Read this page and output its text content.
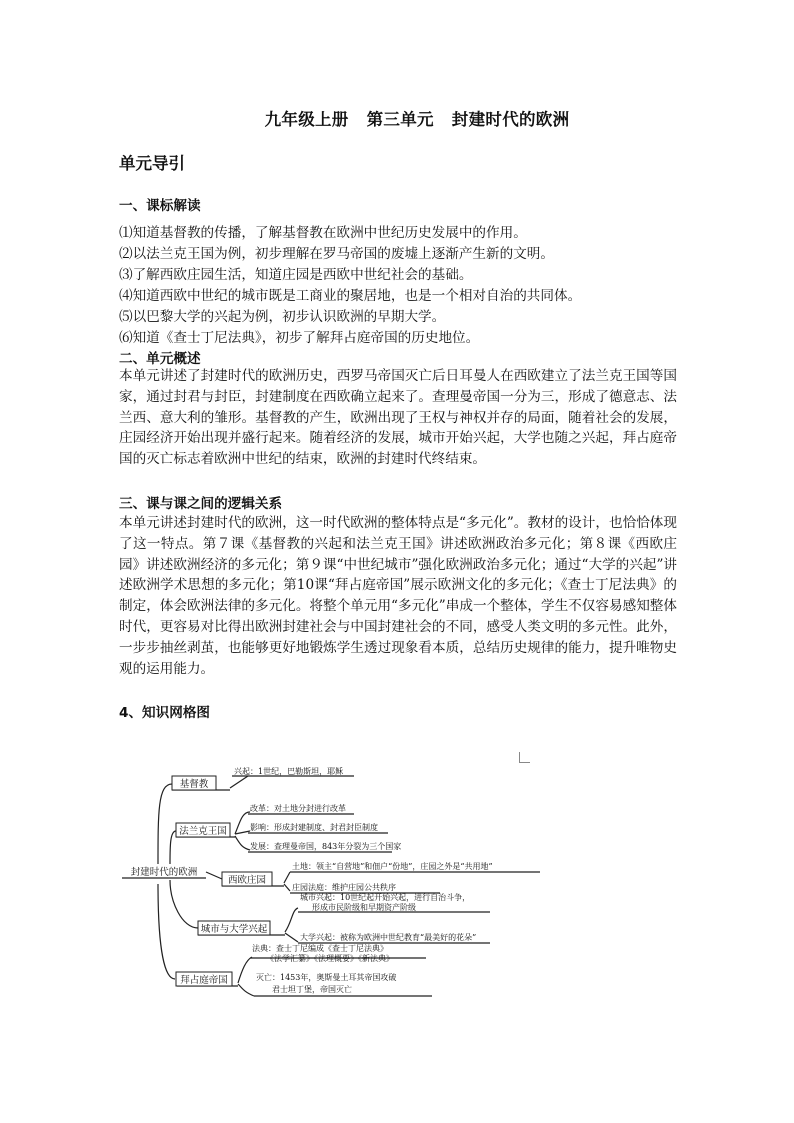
九年级上册 第三单元 封建时代的欧洲
单元导引
一、课标解读
⑴知道基督教的传播，了解基督教在欧洲中世纪历史发展中的作用。
⑵以法兰克王国为例，初步理解在罗马帝国的废墟上逐渐产生新的文明。
⑶了解西欧庄园生活，知道庄园是西欧中世纪社会的基础。
⑷知道西欧中世纪的城市既是工商业的聚居地，也是一个相对自治的共同体。
⑸以巴黎大学的兴起为例，初步认识欧洲的早期大学。
⑹知道《查士丁尼法典》，初步了解拜占庭帝国的历史地位。
二、单元概述
本单元讲述了封建时代的欧洲历史，西罗马帝国灭亡后日耳曼人在西欧建立了法兰克王国等国家，通过封君与封臣，封建制度在西欧确立起来了。查理曼帝国一分为三，形成了德意志、法兰西、意大利的雏形。基督教的产生，欧洲出现了王权与神权并存的局面，随着社会的发展，庄园经济开始出现并盛行起来。随着经济的发展，城市开始兴起，大学也随之兴起，拜占庭帝国的灭亡标志着欧洲中世纪的结束，欧洲的封建时代终结束。
三、课与课之间的逻辑关系
本单元讲述封建时代的欧洲，这一时代欧洲的整体特点是“多元化”。教材的设计，也恰恰体现了这一特点。第７课《基督教的兴起和法兰克王国》讲述欧洲政治多元化；第８课《西欧庄园》讲述欧洲经济的多元化；第９课“中世纪城市”强化欧洲政治多元化；通过“大学的兴起”讲述欧洲学术思想的多元化；第10课“拜占庭帝国”展示欧洲文化的多元化；《查士丁尼法典》的制定，体会欧洲法律的多元化。将整个单元用“多元化”串成一个整体，学生不仅容易感知整体时代，更容易对比得出欧洲封建社会与中国封建社会的不同，感受人类文明的多元性。此外，一步步抽丝剥茧，也能够更好地锻炼学生透过现象看本质，总结历史规律的能力，提升唯物史观的运用能力。
4、知识网格图
封建时代的欧洲
基督教
法兰克王国
西欧庄园
城市与大学兴起
拜占庭帝国
兴起：1世纪，巴勒斯坦，耶稣
改革：对土地分封进行改革
影响：形成封建制度、封君封臣制度
发展：查理曼帝国，843年分裂为三个国家
土地：领主“自营地”和佃户“份地”，庄园之外是“共用地”
庄园法庭：维护庄园公共秩序
城市兴起：10世纪起开始兴起，进行自治斗争，
形成市民阶级和早期资产阶级
大学兴起：被称为欧洲中世纪教育“最美好的花朵”
法典：查士丁尼编成《查士丁尼法典》
《法学汇纂》《法理概要》《新法典》
灭亡：1453年，奥斯曼土耳其帝国攻破
君士坦丁堡，帝国灭亡
